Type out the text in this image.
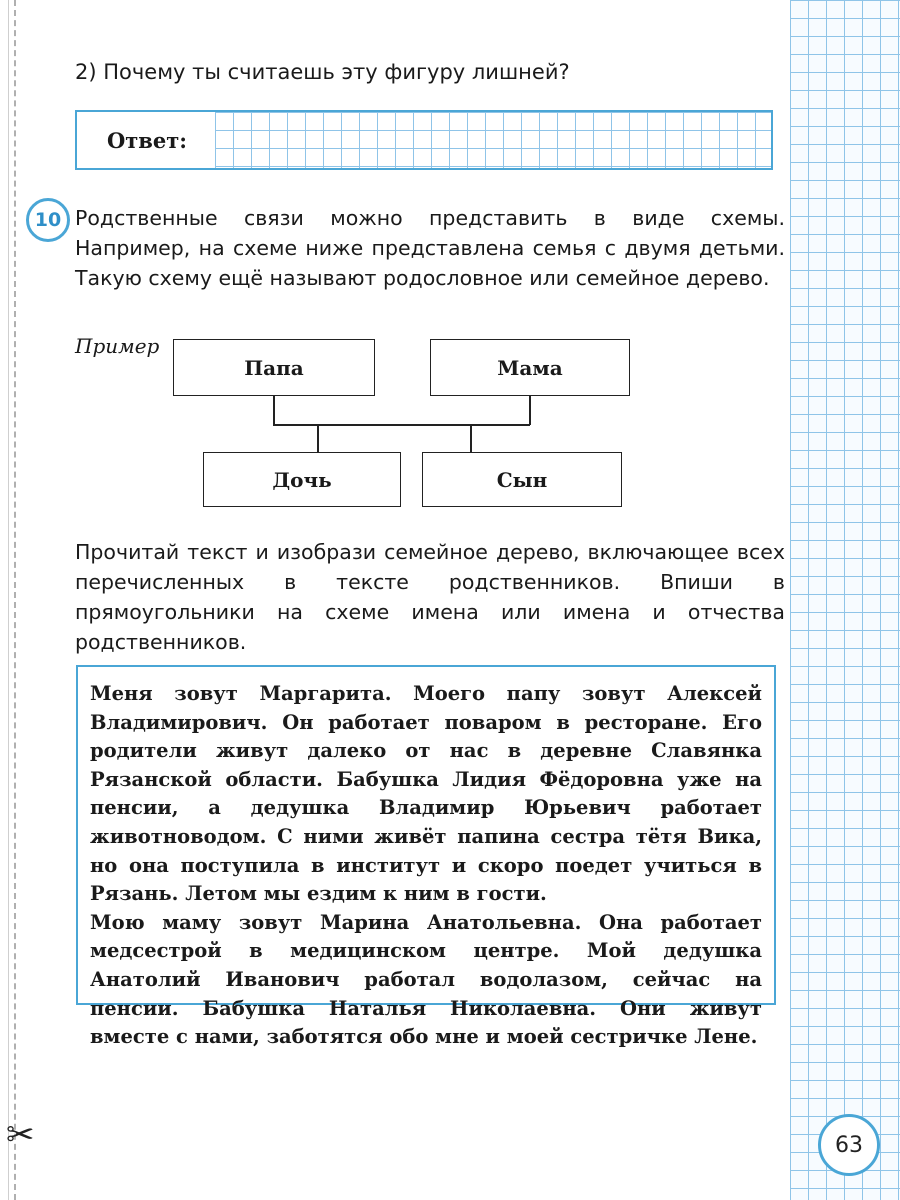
✂
2) Почему ты считаешь эту фигуру лишней?
Ответ:
10 Родственные связи можно представить в виде схемы. Например, на схеме ниже представлена семья с двумя детьми. Такую схему ещё называют родословное или семейное дерево.
Пример
Папа	Мама
Дочь	Сын
Прочитай текст и изобрази семейное дерево, включающее всех перечисленных в тексте родственников. Впиши в прямоугольники на схеме имена или имена и отчества родственников.

Меня зовут Маргарита. Моего папу зовут Алексей Владимирович. Он работает поваром в ресторане. Его родители живут далеко от нас в деревне Славянка Рязанской области. Бабушка Лидия Фёдоровна уже на пенсии, а дедушка Владимир Юрьевич работает животноводом. С ними живёт папина сестра тётя Вика, но она поступила в институт и скоро поедет учиться в Рязань. Летом мы ездим к ним в гости.

Мою маму зовут Марина Анатольевна. Она работает медсестрой в медицинском центре. Мой дедушка Анатолий Иванович работал водолазом, сейчас на пенсии. Бабушка Наталья Николаевна. Они живут вместе с нами, заботятся обо мне и моей сестричке Лене.

63
